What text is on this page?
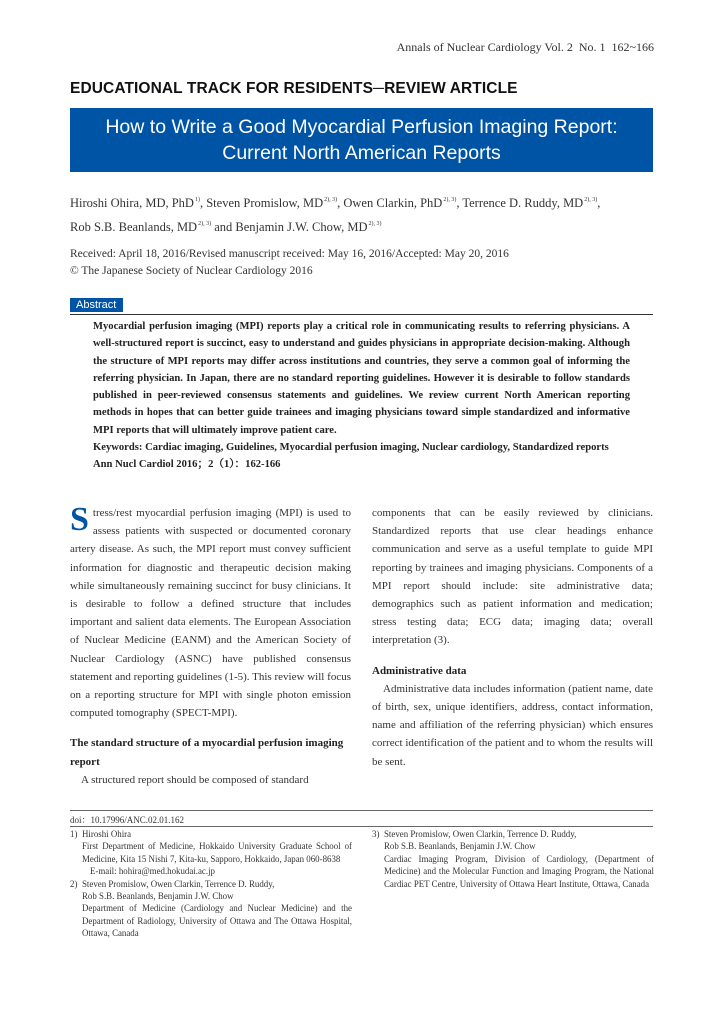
Annals of Nuclear Cardiology Vol. 2  No. 1  162~166
EDUCATIONAL TRACK FOR RESIDENTS─REVIEW ARTICLE
How to Write a Good Myocardial Perfusion Imaging Report:
Current North American Reports
Hiroshi Ohira, MD, PhD$^{1)}$, Steven Promislow, $MD^{2), 3)}$, Owen Clarkin, PhD$^{2), 3)}$, Terrence D. Ruddy, $MD^{2), 3)}$,
Rob S.B. Beanlands, $MD^{2), 3)}$ and Benjamin J.W. Chow, $MD^{2), 3)}$
Received: April 18, 2016/Revised manuscript received: May 16, 2016/Accepted: May 20, 2016
© The Japanese Society of Nuclear Cardiology 2016
Abstract

Myocardial perfusion imaging (MPI) reports play a critical role in communicating results to referring physicians. A well-structured report is succinct, easy to understand and guides physicians in appropriate decision-making. Although the structure of MPI reports may differ across institutions and countries, they serve a common goal of informing the referring physician. In Japan, there are no standard reporting guidelines. However it is desirable to follow standards published in peer-reviewed consensus statements and guidelines. We review current North American reporting methods in hopes that can better guide trainees and imaging physicians toward simple standardized and informative MPI reports that will ultimately improve patient care.

Keywords: Cardiac imaging, Guidelines, Myocardial perfusion imaging, Nuclear cardiology, Standardized reports

Ann Nucl Cardiol 2016；2（1）：162-166

Stress/rest myocardial perfusion imaging (MPI) is used to assess patients with suspected or documented coronary artery disease. As such, the MPI report must convey sufficient information for diagnostic and therapeutic decision making while simultaneously remaining succinct for busy clinicians. It is desirable to follow a defined structure that includes important and salient data elements. The European Association of Nuclear Medicine (EANM) and the American Society of Nuclear Cardiology (ASNC) have published consensus statement and reporting guidelines (1-5). This review will focus on a reporting structure for MPI with single photon emission computed tomography (SPECT-MPI).

The standard structure of a myocardial perfusion imaging report

A structured report should be composed of standard

components that can be easily reviewed by clinicians. Standardized reports that use clear headings enhance communication and serve as a useful template to guide MPI reporting by trainees and imaging physicians. Components of a MPI report should include: site administrative data; demographics such as patient information and medication; stress testing data; ECG data; imaging data; overall interpretation (3).

Administrative data

Administrative data includes information (patient name, date of birth, sex, unique identifiers, address, contact information, name and affiliation of the referring physician) which ensures correct identification of the patient and to whom the results will be sent.

doi：10.17996/ANC.02.01.162
1) Hiroshi Ohira
First Department of Medicine, Hokkaido University Graduate School of Medicine, Kita 15 Nishi 7, Kita-ku, Sapporo, Hokkaido, Japan 060-8638
E-mail: hohira@med.hokudai.ac.jp
2) Steven Promislow, Owen Clarkin, Terrence D. Ruddy,
Rob S.B. Beanlands, Benjamin J.W. Chow
Department of Medicine (Cardiology and Nuclear Medicine) and the Department of Radiology, University of Ottawa and The Ottawa Hospital, Ottawa, Canada
3) Steven Promislow, Owen Clarkin, Terrence D. Ruddy,
Rob S.B. Beanlands, Benjamin J.W. Chow
Cardiac Imaging Program, Division of Cardiology, (Department of Medicine) and the Molecular Function and Imaging Program, the National Cardiac PET Centre, University of Ottawa Heart Institute, Ottawa, Canada
